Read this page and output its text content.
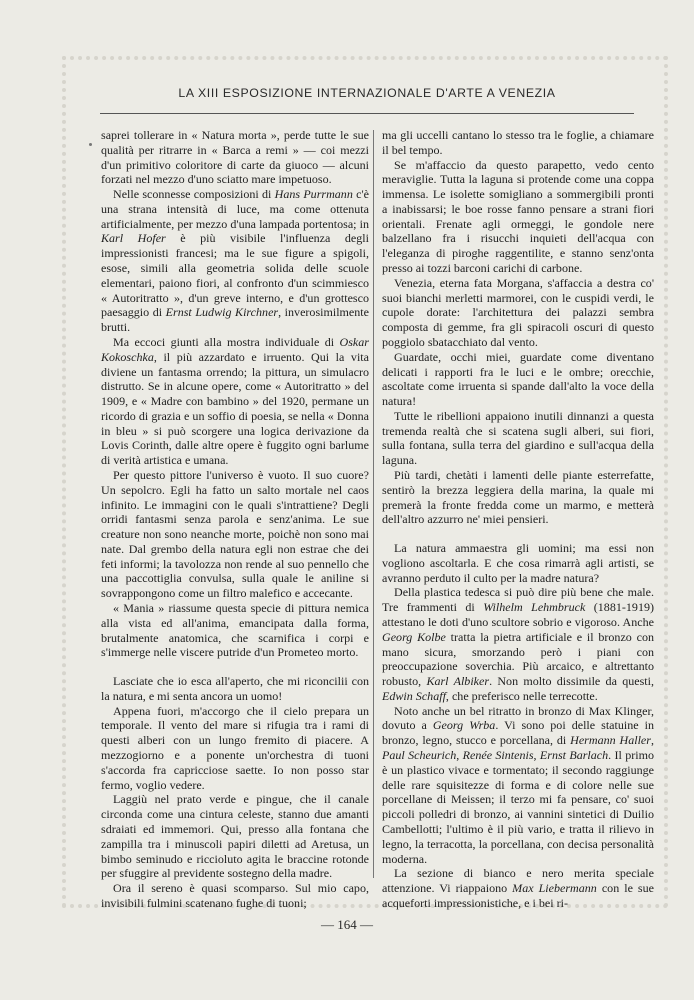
LA XIII ESPOSIZIONE INTERNAZIONALE D'ARTE A VENEZIA

saprei tollerare in « Natura morta », perde tutte le sue qualità per ritrarre in « Barca a remi » — coi mezzi d'un primitivo coloritore di carte da giuoco — alcuni forzati nel mezzo d'uno sciatto mare impetuoso.

Nelle sconnesse composizioni di Hans Purrmann c'è una strana intensità di luce, ma come ottenuta artificialmente, per mezzo d'una lampada portentosa; in Karl Hofer è più visibile l'influenza degli impressionisti francesi; ma le sue figure a spigoli, esose, simili alla geometria solida delle scuole elementari, paiono fiori, al confronto d'un scimmiesco « Autoritratto », d'un greve interno, e d'un grottesco paesaggio di Ernst Ludwig Kirchner, inverosimilmente brutti.

Ma eccoci giunti alla mostra individuale di Oskar Kokoschka, il più azzardato e irruento. Qui la vita diviene un fantasma orrendo; la pittura, un simulacro distrutto. Se in alcune opere, come « Autoritratto » del 1909, e « Madre con bambino » del 1920, permane un ricordo di grazia e un soffio di poesia, se nella « Donna in bleu » si può scorgere una logica derivazione da Lovis Corinth, dalle altre opere è fuggito ogni barlume di verità artistica e umana.

Per questo pittore l'universo è vuoto. Il suo cuore? Un sepolcro. Egli ha fatto un salto mortale nel caos infinito. Le immagini con le quali s'intrattiene? Degli orridi fantasmi senza parola e senz'anima. Le sue creature non sono neanche morte, poichè non sono mai nate. Dal grembo della natura egli non estrae che dei feti informi; la tavolozza non rende al suo pennello che una paccottiglia convulsa, sulla quale le aniline si sovrappongono come un filtro malefico e accecante.

« Mania » riassume questa specie di pittura nemica alla vista ed all'anima, emancipata dalla forma, brutalmente anatomica, che scarnifica i corpi e s'immerge nelle viscere putride d'un Prometeo morto.

Lasciate che io esca all'aperto, che mi riconcilii con la natura, e mi senta ancora un uomo!

Appena fuori, m'accorgo che il cielo prepara un temporale. Il vento del mare si rifugia tra i rami di questi alberi con un lungo fremito di piacere. A mezzogiorno e a ponente un'orchestra di tuoni s'accorda fra capricciose saette. Io non posso star fermo, voglio vedere.

Laggiù nel prato verde e pingue, che il canale circonda come una cintura celeste, stanno due amanti sdraiati ed immemori. Qui, presso alla fontana che zampilla tra i minuscoli papiri diletti ad Aretusa, un bimbo seminudo e riccioluto agita le braccine rotonde per sfuggire al previdente sostegno della madre.

Ora il sereno è quasi scomparso. Sul mio capo, invisibili fulmini scatenano fughe di tuoni;

ma gli uccelli cantano lo stesso tra le foglie, a chiamare il bel tempo.

Se m'affaccio da questo parapetto, vedo cento meraviglie. Tutta la laguna si protende come una coppa immensa. Le isolette somigliano a sommergibili pronti a inabissarsi; le boe rosse fanno pensare a strani fiori orientali. Frenate agli ormeggi, le gondole nere balzellano fra i risucchi inquieti dell'acqua con l'eleganza di piroghe raggentilite, e stanno senz'onta presso ai tozzi barconi carichi di carbone.

Venezia, eterna fata Morgana, s'affaccia a destra co' suoi bianchi merletti marmorei, con le cuspidi verdi, le cupole dorate: l'architettura dei palazzi sembra composta di gemme, fra gli spiracoli oscuri di questo poggiolo sbatacchiato dal vento.

Guardate, occhi miei, guardate come diventano delicati i rapporti fra le luci e le ombre; orecchie, ascoltate come irruenta si spande dall'alto la voce della natura!

Tutte le ribellioni appaiono inutili dinnanzi a questa tremenda realtà che si scatena sugli alberi, sui fiori, sulla fontana, sulla terra del giardino e sull'acqua della laguna.

Più tardi, chetàti i lamenti delle piante esterrefatte, sentirò la brezza leggiera della marina, la quale mi premerà la fronte fredda come un marmo, e metterà dell'altro azzurro ne' miei pensieri.

La natura ammaestra gli uomini; ma essi non vogliono ascoltarla. E che cosa rimarrà agli artisti, se avranno perduto il culto per la madre natura?

Della plastica tedesca si può dire più bene che male. Tre frammenti di Wilhelm Lehmbruck (1881-1919) attestano le doti d'uno scultore sobrio e vigoroso. Anche Georg Kolbe tratta la pietra artificiale e il bronzo con mano sicura, smorzando però i piani con preoccupazione soverchia. Più arcaico, e altrettanto robusto, Karl Albiker. Non molto dissimile da questi, Edwin Schaff, che preferisco nelle terrecotte.

Noto anche un bel ritratto in bronzo di Max Klinger, dovuto a Georg Wrba. Vi sono poi delle statuine in bronzo, legno, stucco e porcellana, di Hermann Haller, Paul Scheurich, Renée Sintenis, Ernst Barlach. Il primo è un plastico vivace e tormentato; il secondo raggiunge delle rare squisitezze di forma e di colore nelle sue porcellane di Meissen; il terzo mi fa pensare, co' suoi piccoli polledri di bronzo, ai vannini sintetici di Duilio Cambellotti; l'ultimo è il più vario, e tratta il rilievo in legno, la terracotta, la porcellana, con decisa personalità moderna.

La sezione di bianco e nero merita speciale attenzione. Vi riappaiono Max Liebermann con le sue acqueforti impressionistiche, e i bei ri-

— 164 —
